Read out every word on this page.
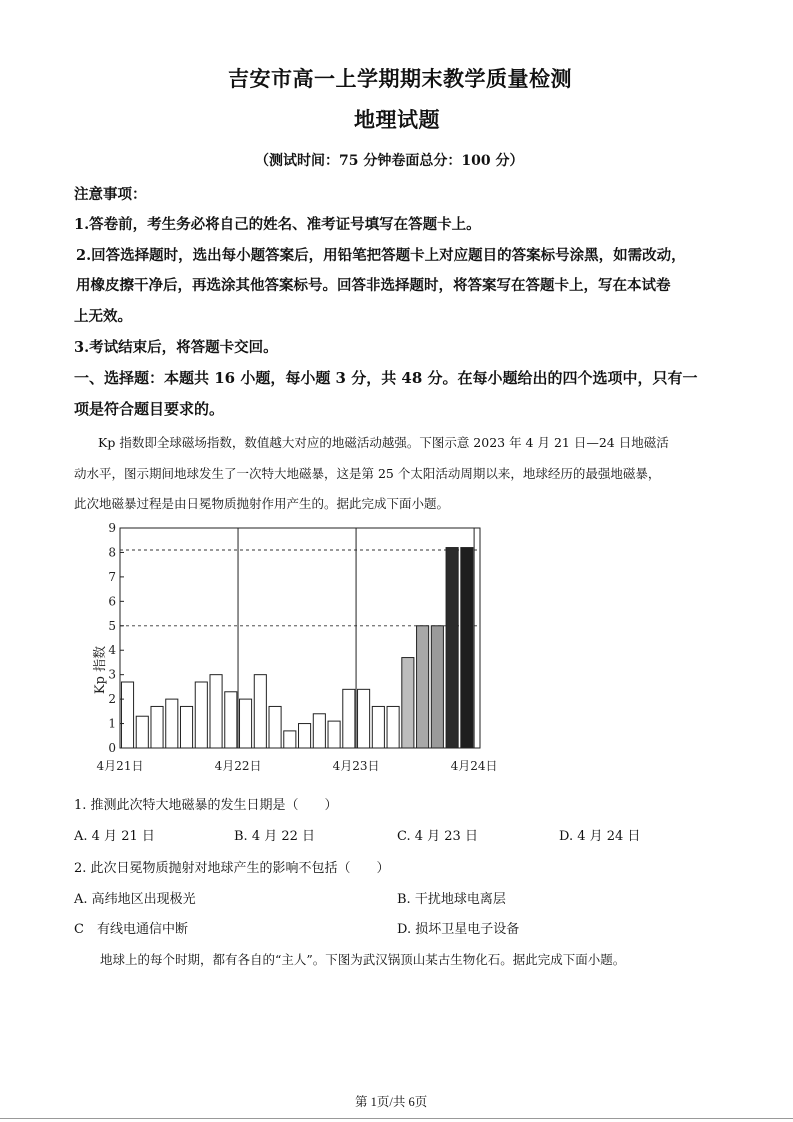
吉安市高一上学期期末教学质量检测
地理试题
（测试时间：75 分钟卷面总分：100 分）
注意事项：
1.答卷前，考生务必将自己的姓名、准考证号填写在答题卡上。
2.回答选择题时，选出每小题答案后，用铅笔把答题卡上对应题目的答案标号涂黑，如需改动，
用橡皮擦干净后，再选涂其他答案标号。回答非选择题时，将答案写在答题卡上，写在本试卷
上无效。
3.考试结束后，将答题卡交回。
一、选择题：本题共 16 小题，每小题 3 分，共 48 分。在每小题给出的四个选项中，只有一
项是符合题目要求的。
Kp 指数即全球磁场指数，数值越大对应的地磁活动越强。下图示意 2023 年 4 月 21 日—24 日地磁活
动水平，图示期间地球发生了一次特大地磁暴，这是第 25 个太阳活动周期以来，地球经历的最强地磁暴，
此次地磁暴过程是由日冕物质抛射作用产生的。据此完成下面小题。
0
1
2
3
4
5
6
7
8
9
4月21日	4月22日	4月23日	4月24日
Kp 指数
1. 推测此次特大地磁暴的发生日期是（　　）
A. 4 月 21 日	B. 4 月 22 日	C. 4 月 23 日	D. 4 月 24 日
2. 此次日冕物质抛射对地球产生的影响不包括（　　）
A. 高纬地区出现极光	B. 干扰地球电离层
C　有线电通信中断	D. 损坏卫星电子设备
地球上的每个时期，都有各自的“主人”。下图为武汉锅顶山某古生物化石。据此完成下面小题。
第 1页/共 6页
